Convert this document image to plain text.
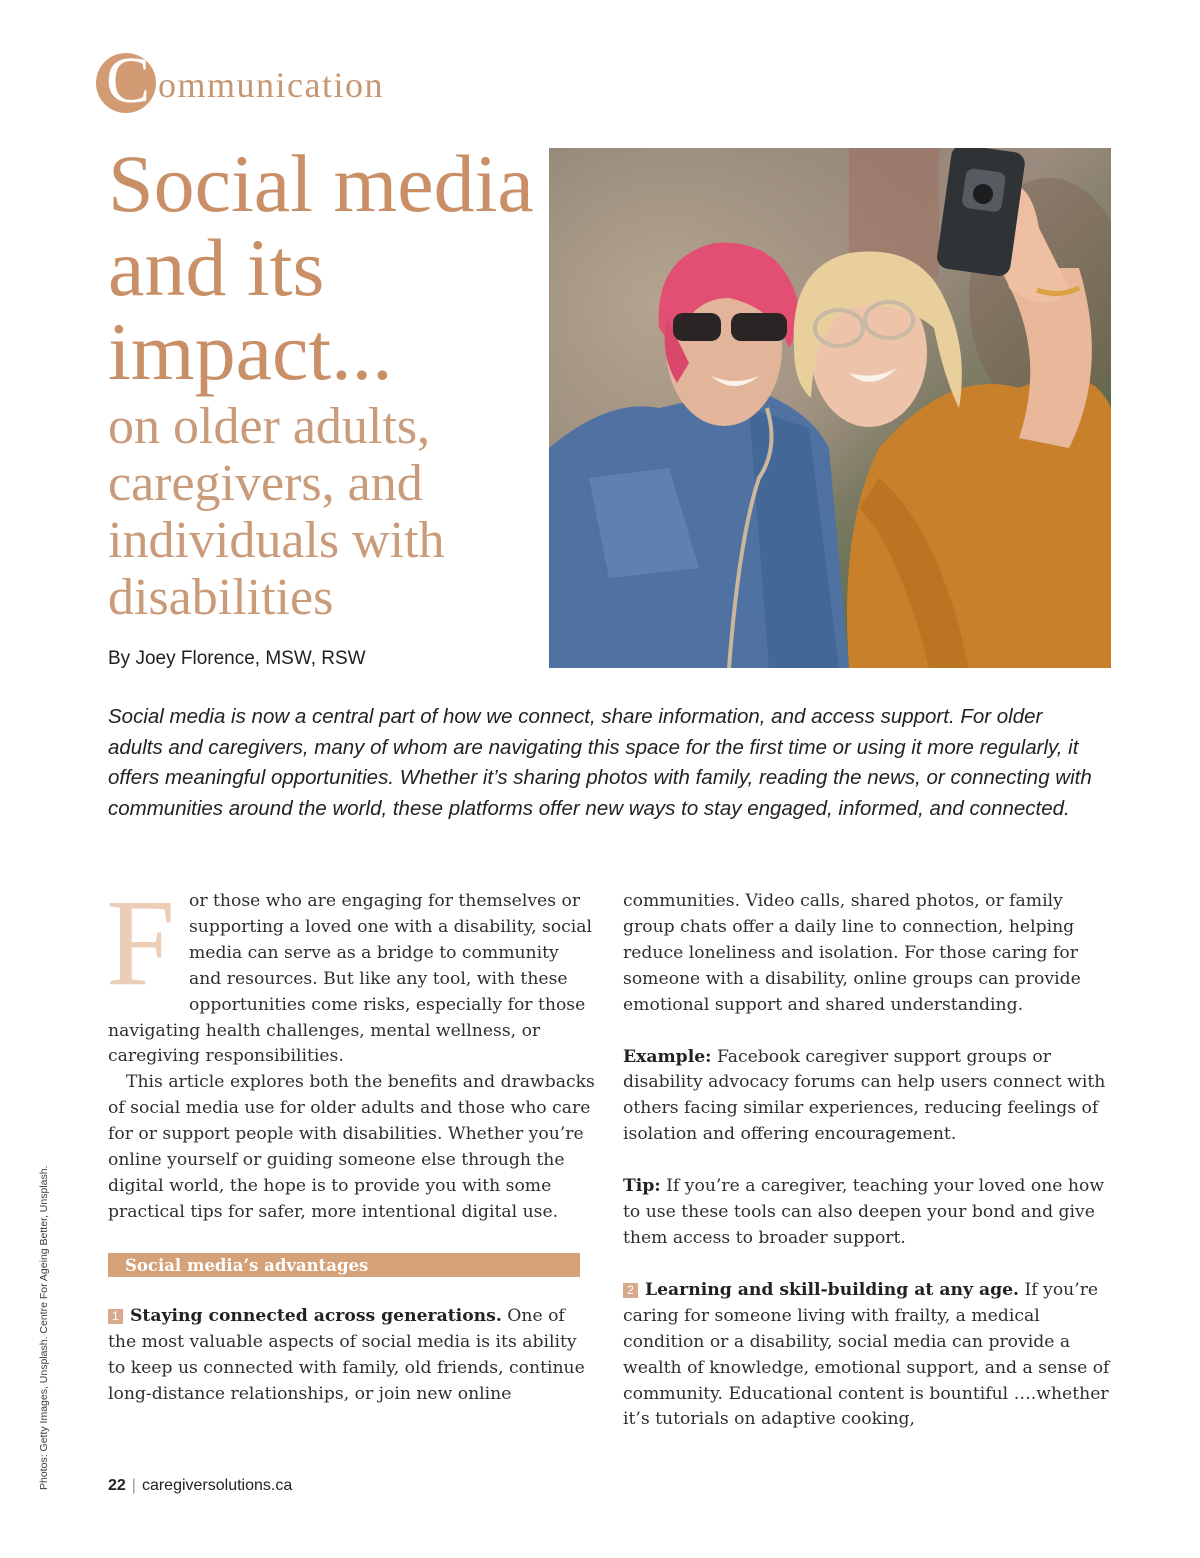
C ommunication
Social media and its impact...
on older adults, caregivers, and individuals with disabilities
By Joey Florence, MSW, RSW

Social media is now a central part of how we connect, share information, and access support. For older adults and caregivers, many of whom are navigating this space for the first time or using it more regularly, it offers meaningful opportunities. Whether it’s sharing photos with family, reading the news, or connecting with communities around the world, these platforms offer new ways to stay engaged, informed, and connected.

For those who are engaging for themselves or supporting a loved one with a disability, social media can serve as a bridge to community and resources. But like any tool, with these opportunities come risks, especially for those navigating health challenges, mental wellness, or caregiving responsibilities.

This article explores both the benefits and drawbacks of social media use for older adults and those who care for or support people with disabilities. Whether you’re online yourself or guiding someone else through the digital world, the hope is to provide you with some practical tips for safer, more intentional digital use.

Social media’s advantages

1 Staying connected across generations. One of the most valuable aspects of social media is its ability to keep us connected with family, old friends, continue long-distance relationships, or join new online

communities. Video calls, shared photos, or family group chats offer a daily line to connection, helping reduce loneliness and isolation. For those caring for someone with a disability, online groups can provide emotional support and shared understanding.

Example: Facebook caregiver support groups or disability advocacy forums can help users connect with others facing similar experiences, reducing feelings of isolation and offering encouragement.

Tip: If you’re a caregiver, teaching your loved one how to use these tools can also deepen your bond and give them access to broader support.

2 Learning and skill-building at any age. If you’re caring for someone living with frailty, a medical condition or a disability, social media can provide a wealth of knowledge, emotional support, and a sense of community. Educational content is bountiful ….whether it’s tutorials on adaptive cooking,

Photos: Getty Images, Unsplash. Centre For Ageing Better, Unsplash.	22 | caregiversolutions.ca
